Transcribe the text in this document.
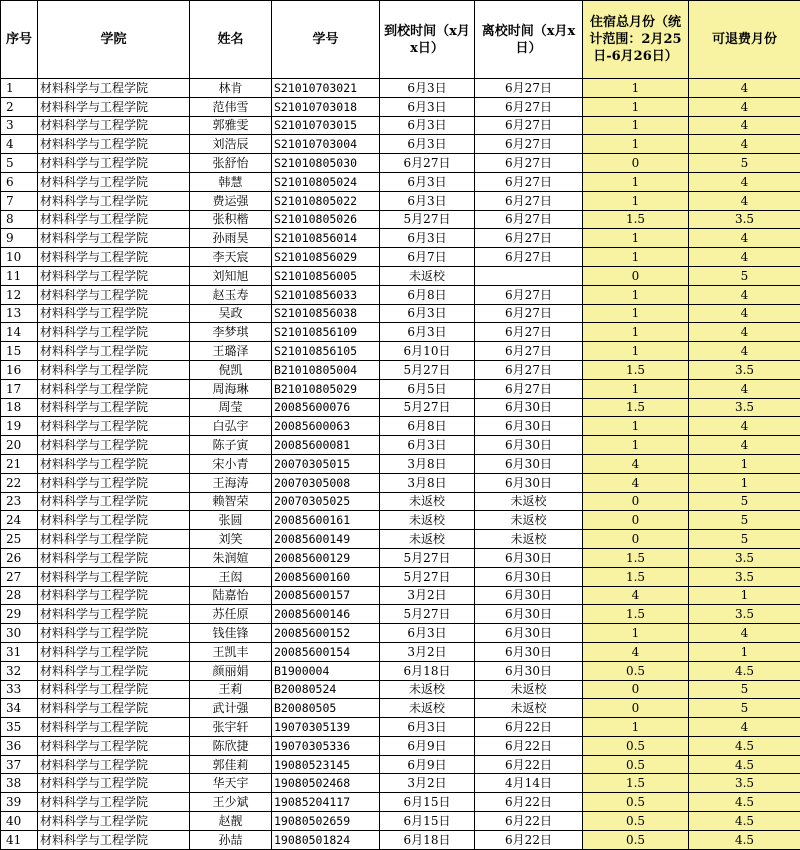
序号	学院	姓名	学号	到校时间（x月x日）	离校时间（x月x日）	住宿总月份（统计范围：2月25日-6月26日）	可退费月份
1	材料科学与工程学院	林肯	S21010703021	6月3日	6月27日	1	4
2	材料科学与工程学院	范伟雪	S21010703018	6月3日	6月27日	1	4
3	材料科学与工程学院	郭雅雯	S21010703015	6月3日	6月27日	1	4
4	材料科学与工程学院	刘浩辰	S21010703004	6月3日	6月27日	1	4
5	材料科学与工程学院	张舒怡	S21010805030	6月27日	6月27日	0	5
6	材料科学与工程学院	韩慧	S21010805024	6月3日	6月27日	1	4
7	材料科学与工程学院	费运强	S21010805022	6月3日	6月27日	1	4
8	材料科学与工程学院	张积楷	S21010805026	5月27日	6月27日	1.5	3.5
9	材料科学与工程学院	孙雨昊	S21010856014	6月3日	6月27日	1	4
10	材料科学与工程学院	李天宸	S21010856029	6月7日	6月27日	1	4
11	材料科学与工程学院	刘知旭	S21010856005	未返校		0	5
12	材料科学与工程学院	赵玉寿	S21010856033	6月8日	6月27日	1	4
13	材料科学与工程学院	吴政	S21010856038	6月3日	6月27日	1	4
14	材料科学与工程学院	李梦琪	S21010856109	6月3日	6月27日	1	4
15	材料科学与工程学院	王璐泽	S21010856105	6月10日	6月27日	1	4
16	材料科学与工程学院	倪凯	B21010805004	5月27日	6月27日	1.5	3.5
17	材料科学与工程学院	周海琳	B21010805029	6月5日	6月27日	1	4
18	材料科学与工程学院	周莹	20085600076	5月27日	6月30日	1.5	3.5
19	材料科学与工程学院	白弘宇	20085600063	6月8日	6月30日	1	4
20	材料科学与工程学院	陈子寅	20085600081	6月3日	6月30日	1	4
21	材料科学与工程学院	宋小青	20070305015	3月8日	6月30日	4	1
22	材料科学与工程学院	王海涛	20070305008	3月8日	6月30日	4	1
23	材料科学与工程学院	赖智荣	20070305025	未返校	未返校	0	5
24	材料科学与工程学院	张圆	20085600161	未返校	未返校	0	5
25	材料科学与工程学院	刘笑	20085600149	未返校	未返校	0	5
26	材料科学与工程学院	朱润媗	20085600129	5月27日	6月30日	1.5	3.5
27	材料科学与工程学院	王闳	20085600160	5月27日	6月30日	1.5	3.5
28	材料科学与工程学院	陆嘉怡	20085600157	3月2日	6月30日	4	1
29	材料科学与工程学院	苏任原	20085600146	5月27日	6月30日	1.5	3.5
30	材料科学与工程学院	钱佳锋	20085600152	6月3日	6月30日	1	4
31	材料科学与工程学院	王凯丰	20085600154	3月2日	6月30日	4	1
32	材料科学与工程学院	颜丽娟	B1900004	6月18日	6月30日	0.5	4.5
33	材料科学与工程学院	王莉	B20080524	未返校	未返校	0	5
34	材料科学与工程学院	武计强	B20080505	未返校	未返校	0	5
35	材料科学与工程学院	张宇轩	19070305139	6月3日	6月22日	1	4
36	材料科学与工程学院	陈欣捷	19070305336	6月9日	6月22日	0.5	4.5
37	材料科学与工程学院	郭佳莉	19080523145	6月9日	6月22日	0.5	4.5
38	材料科学与工程学院	华天宇	19080502468	3月2日	4月14日	1.5	3.5
39	材料科学与工程学院	王少斌	19085204117	6月15日	6月22日	0.5	4.5
40	材料科学与工程学院	赵靓	19080502659	6月15日	6月22日	0.5	4.5
41	材料科学与工程学院	孙喆	19080501824	6月18日	6月22日	0.5	4.5
